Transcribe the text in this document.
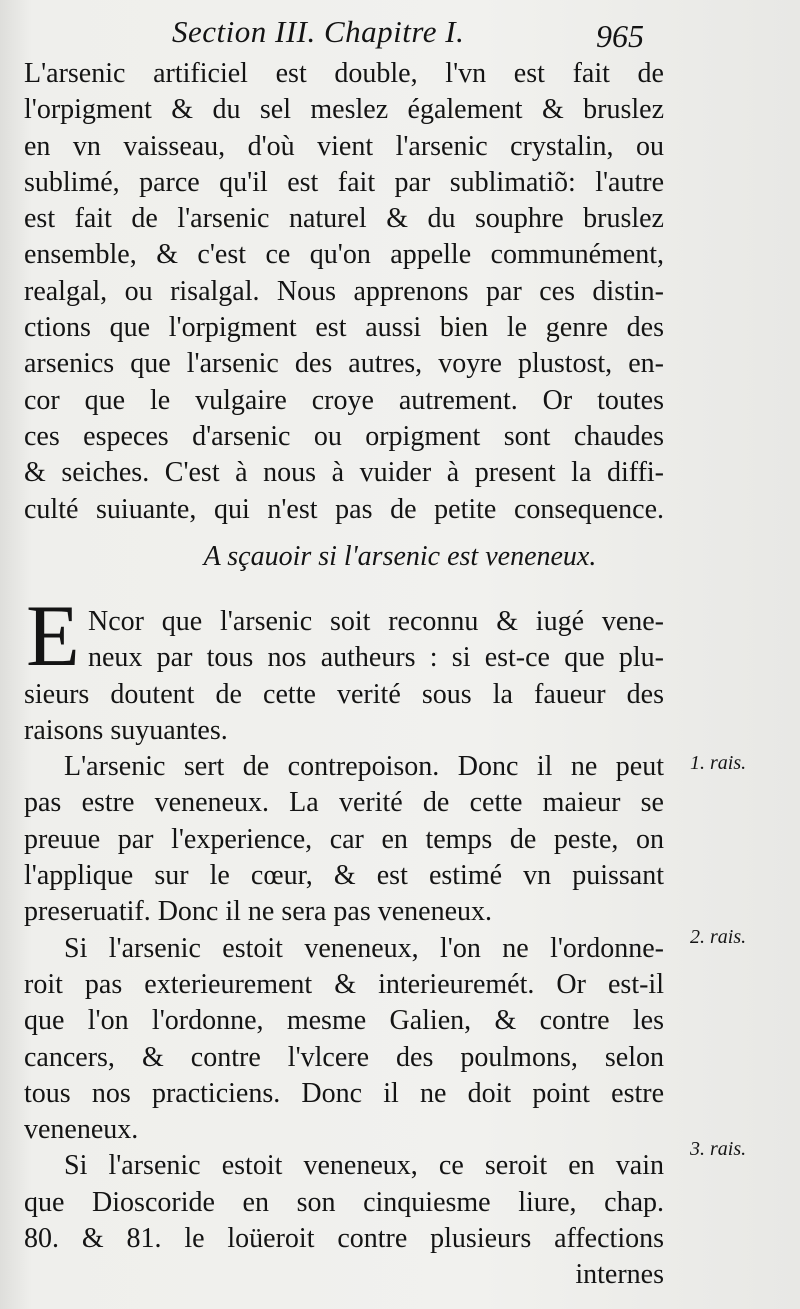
Section III. Chapitre I.	965
L'arsenic artificiel est double, l'vn est fait de
l'orpigment & du sel meslez également & bruslez
en vn vaisseau, d'où vient l'arsenic crystalin, ou
sublimé, parce qu'il est fait par sublimatiõ: l'autre
est fait de l'arsenic naturel & du souphre bruslez
ensemble, & c'est ce qu'on appelle communément,
realgal, ou risalgal. Nous apprenons par ces distin-
ctions que l'orpigment est aussi bien le genre des
arsenics que l'arsenic des autres, voyre plustost, en-
cor que le vulgaire croye autrement. Or toutes
ces especes d'arsenic ou orpigment sont chaudes
& seiches. C'est à nous à vuider à present la diffi-
culté suiuante, qui n'est pas de petite consequence.
A sçauoir si l'arsenic est veneneux.
E Ncor que l'arsenic soit reconnu & iugé vene-
neux par tous nos autheurs : si est-ce que plu-
sieurs doutent de cette verité sous la faueur des
raisons suyuantes.
L'arsenic sert de contrepoison. Donc il ne peut
pas estre veneneux. La verité de cette maieur se
preuue par l'experience, car en temps de peste, on
l'applique sur le cœur, & est estimé vn puissant
preseruatif. Donc il ne sera pas veneneux.
Si l'arsenic estoit veneneux, l'on ne l'ordonne-
roit pas exterieurement & interieuremét. Or est-il
que l'on l'ordonne, mesme Galien, & contre les
cancers, & contre l'vlcere des poulmons, selon
tous nos practiciens. Donc il ne doit point estre
veneneux.
Si l'arsenic estoit veneneux, ce seroit en vain
que Dioscoride en son cinquiesme liure, chap.
80. & 81. le loüeroit contre plusieurs affections
internes
1. rais.
2. rais.
3. rais.
